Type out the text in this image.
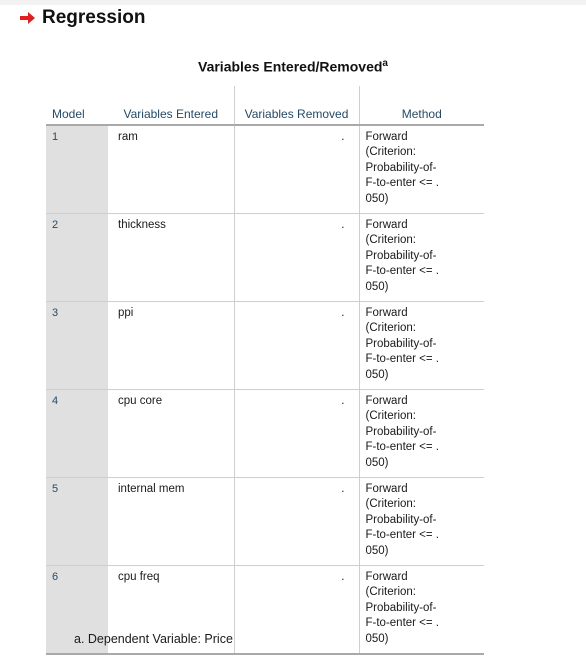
Regression
Variables Entered/Removed$^a$
Model	Variables Entered	Variables Removed	Method
1	ram	.	Forward
(Criterion:
Probability-of-
F-to-enter <= .
050)
2	thickness	.	Forward
(Criterion:
Probability-of-
F-to-enter <= .
050)
3	ppi	.	Forward
(Criterion:
Probability-of-
F-to-enter <= .
050)
4	cpu core	.	Forward
(Criterion:
Probability-of-
F-to-enter <= .
050)
5	internal mem	.	Forward
(Criterion:
Probability-of-
F-to-enter <= .
050)
6	cpu freq	.	Forward
(Criterion:
Probability-of-
F-to-enter <= .
050)
a. Dependent Variable: Price
